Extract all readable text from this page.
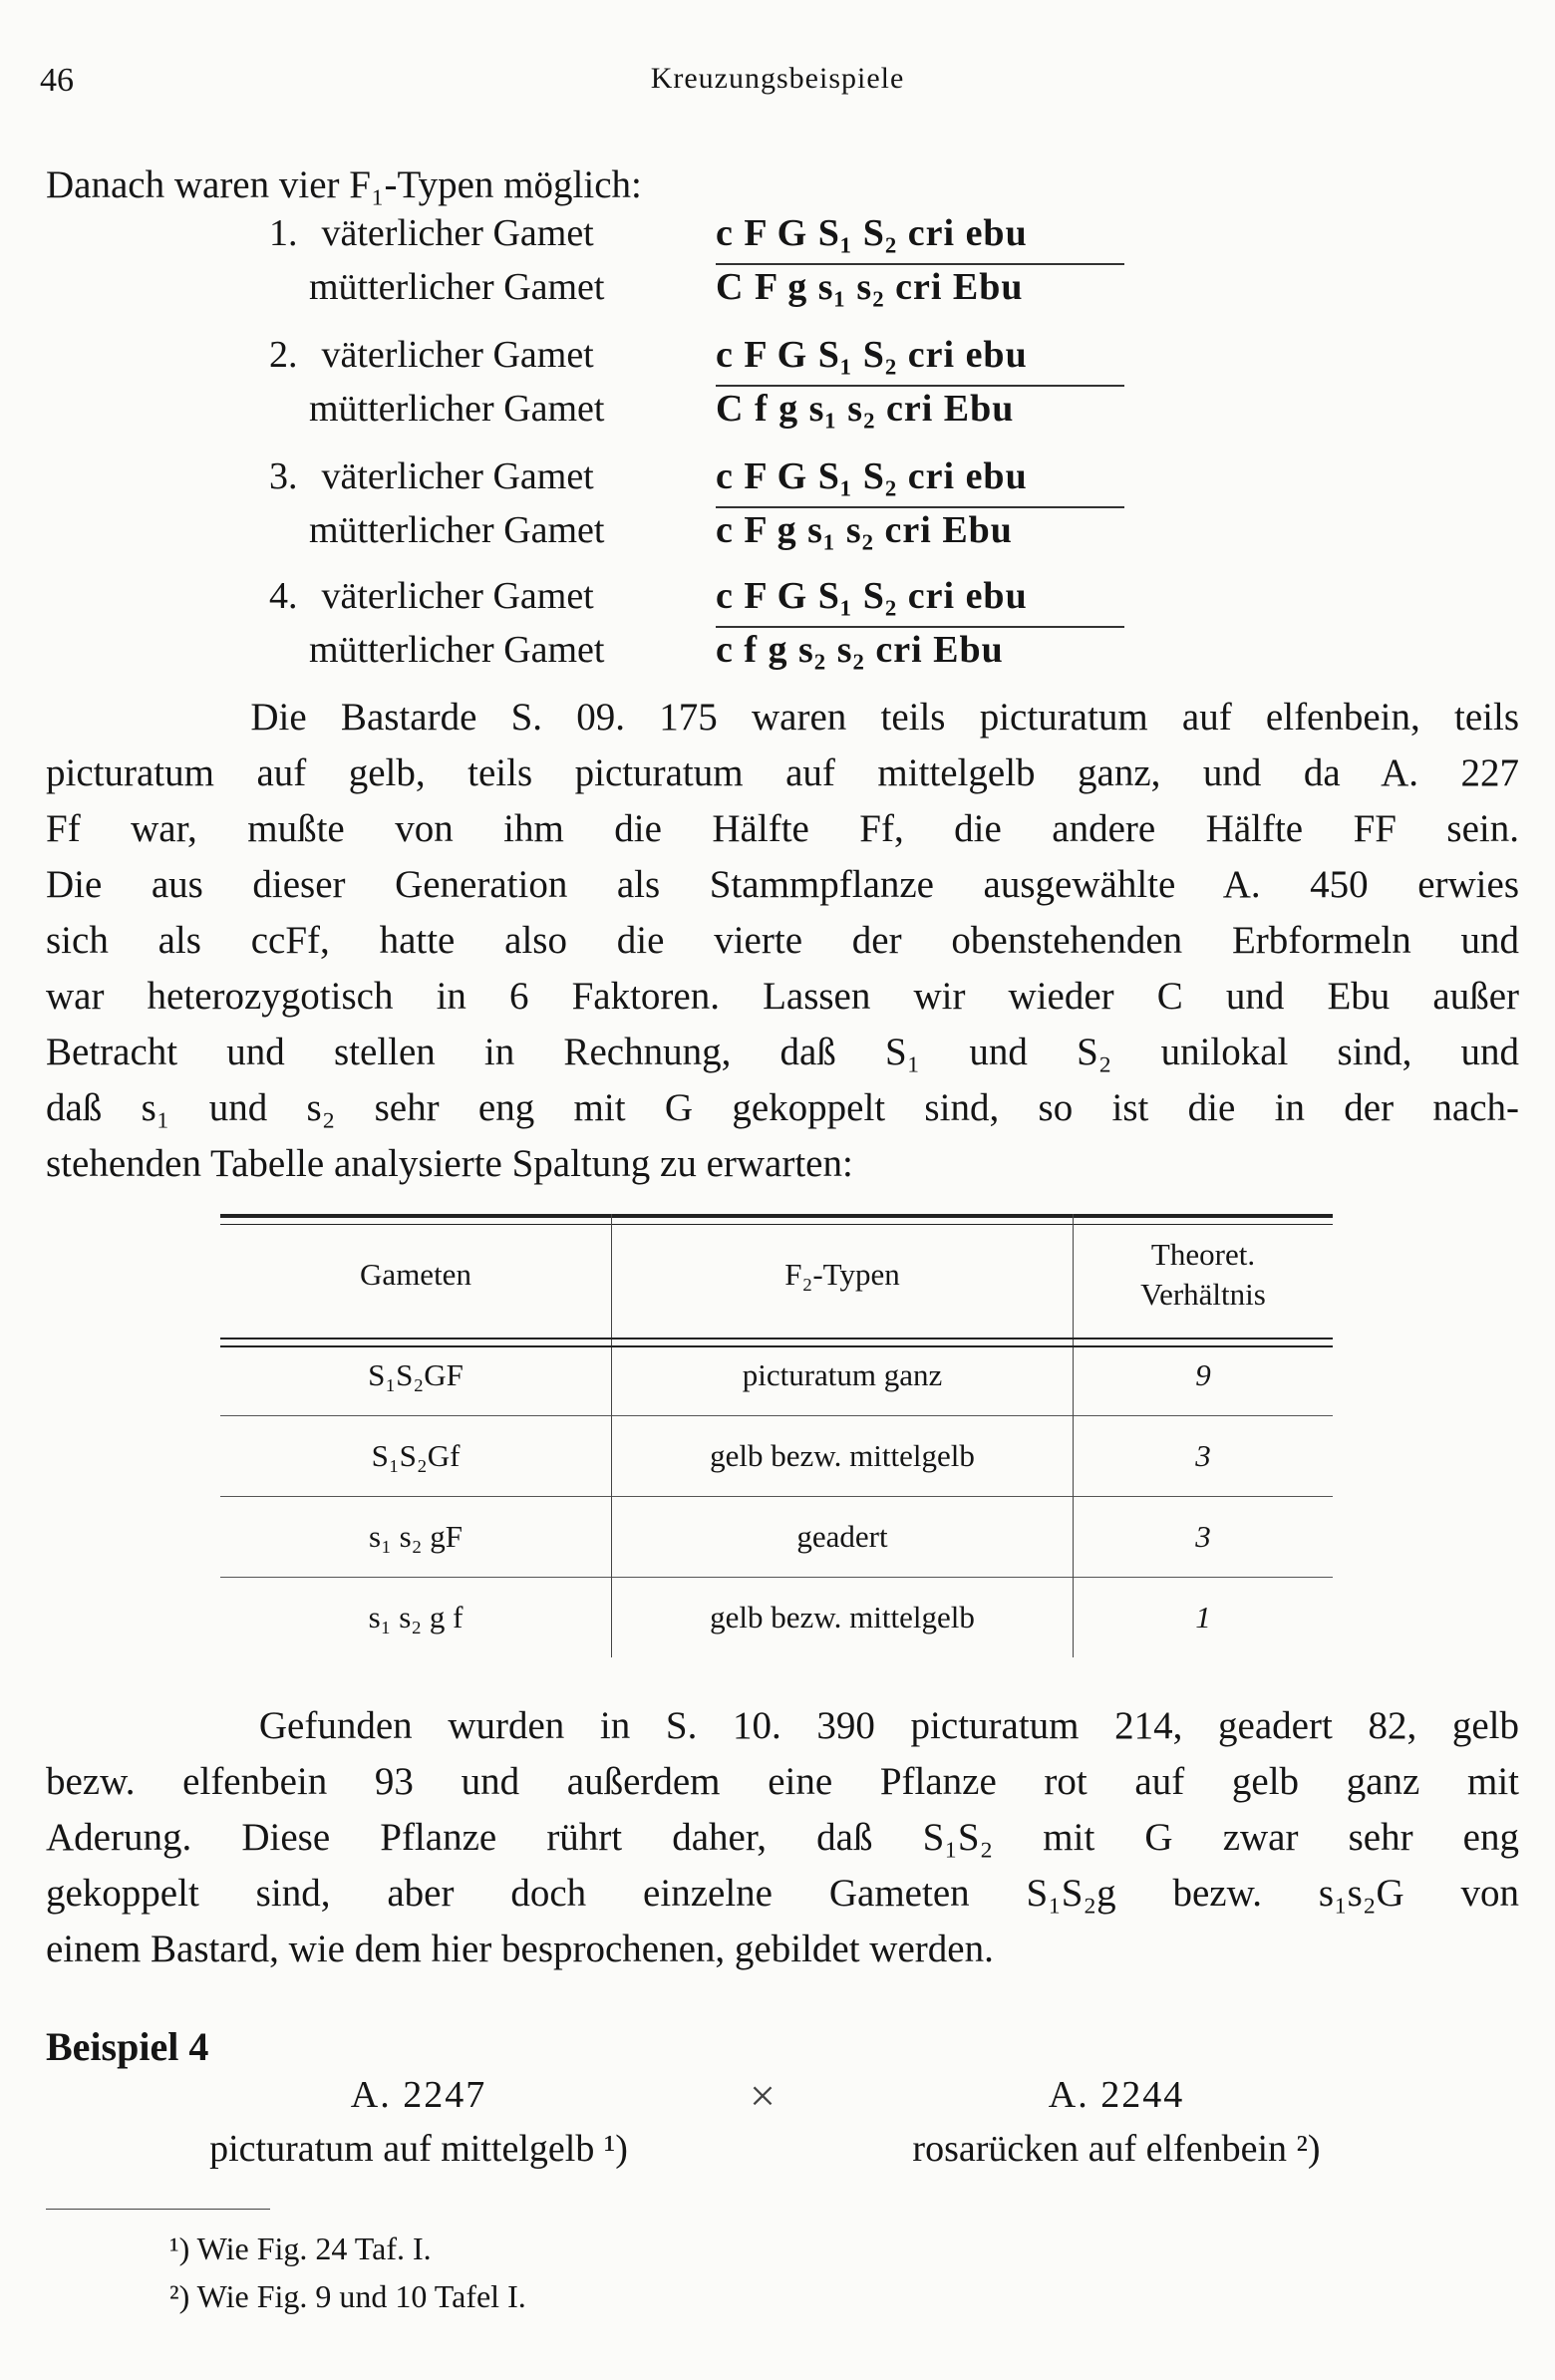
46	Kreuzungsbeispiele
Danach waren vier F₁-Typen möglich:
1. väterlicher Gamet	c F G S₁ S₂ cri ebu
mütterlicher Gamet	C F g s₁ s₂ cri Ebu
2. väterlicher Gamet	c F G S₁ S₂ cri ebu
mütterlicher Gamet	C f g s₁ s₂ cri Ebu
3. väterlicher Gamet	c F G S₁ S₂ cri ebu
mütterlicher Gamet	c F g s₁ s₂ cri Ebu
4. väterlicher Gamet	c F G S₁ S₂ cri ebu
mütterlicher Gamet	c f g s₂ s₂ cri Ebu
Die Bastarde S. 09. 175 waren teils picturatum auf elfenbein, teils
picturatum auf gelb, teils picturatum auf mittelgelb ganz, und da A. 227
Ff war, mußte von ihm die Hälfte Ff, die andere Hälfte FF sein.
Die aus dieser Generation als Stammpflanze ausgewählte A. 450 erwies
sich als ccFf, hatte also die vierte der obenstehenden Erbformeln und
war heterozygotisch in 6 Faktoren. Lassen wir wieder C und Ebu außer
Betracht und stellen in Rechnung, daß S₁ und S₂ unilokal sind, und
daß s₁ und s₂ sehr eng mit G gekoppelt sind, so ist die in der nach-
stehenden Tabelle analysierte Spaltung zu erwarten:
Gameten	F₂-Typen	Theoret.
Verhältnis
S₁S₂GF	picturatum ganz	9
S₁S₂Gf	gelb bezw. mittelgelb	3
s₁ s₂ gF	geadert	3
s₁ s₂ g f	gelb bezw. mittelgelb	1
Gefunden wurden in S. 10. 390 picturatum 214, geadert 82, gelb
bezw. elfenbein 93 und außerdem eine Pflanze rot auf gelb ganz mit
Aderung. Diese Pflanze rührt daher, daß S₁S₂ mit G zwar sehr eng
gekoppelt sind, aber doch einzelne Gameten S₁S₂g bezw. s₁s₂G von
einem Bastard, wie dem hier besprochenen, gebildet werden.
Beispiel 4
A. 2247
picturatum auf mittelgelb ¹)
×	A. 2244
rosarücken auf elfenbein ²)
¹) Wie Fig. 24 Taf. I.
²) Wie Fig. 9 und 10 Tafel I.
